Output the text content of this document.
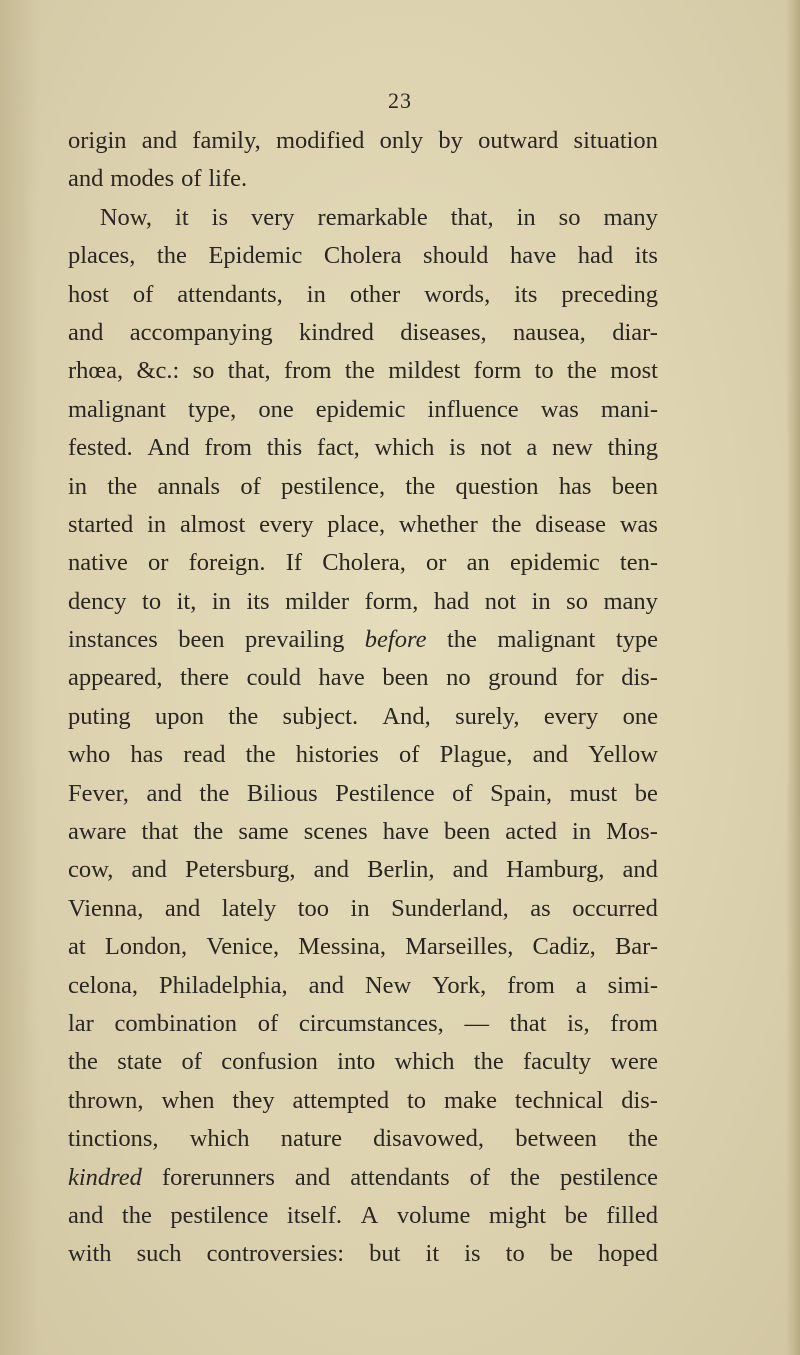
23
origin and family, modified only by outward situation
and modes of life.
Now, it is very remarkable that, in so many
places, the Epidemic Cholera should have had its
host of attendants, in other words, its preceding
and accompanying kindred diseases, nausea, diar-
rhœa, &c.: so that, from the mildest form to the most
malignant type, one epidemic influence was mani-
fested. And from this fact, which is not a new thing
in the annals of pestilence, the question has been
started in almost every place, whether the disease was
native or foreign. If Cholera, or an epidemic ten-
dency to it, in its milder form, had not in so many
instances been prevailing before the malignant type
appeared, there could have been no ground for dis-
puting upon the subject. And, surely, every one
who has read the histories of Plague, and Yellow
Fever, and the Bilious Pestilence of Spain, must be
aware that the same scenes have been acted in Mos-
cow, and Petersburg, and Berlin, and Hamburg, and
Vienna, and lately too in Sunderland, as occurred
at London, Venice, Messina, Marseilles, Cadiz, Bar-
celona, Philadelphia, and New York, from a simi-
lar combination of circumstances, — that is, from
the state of confusion into which the faculty were
thrown, when they attempted to make technical dis-
tinctions, which nature disavowed, between the
kindred forerunners and attendants of the pestilence
and the pestilence itself. A volume might be filled
with such controversies: but it is to be hoped
